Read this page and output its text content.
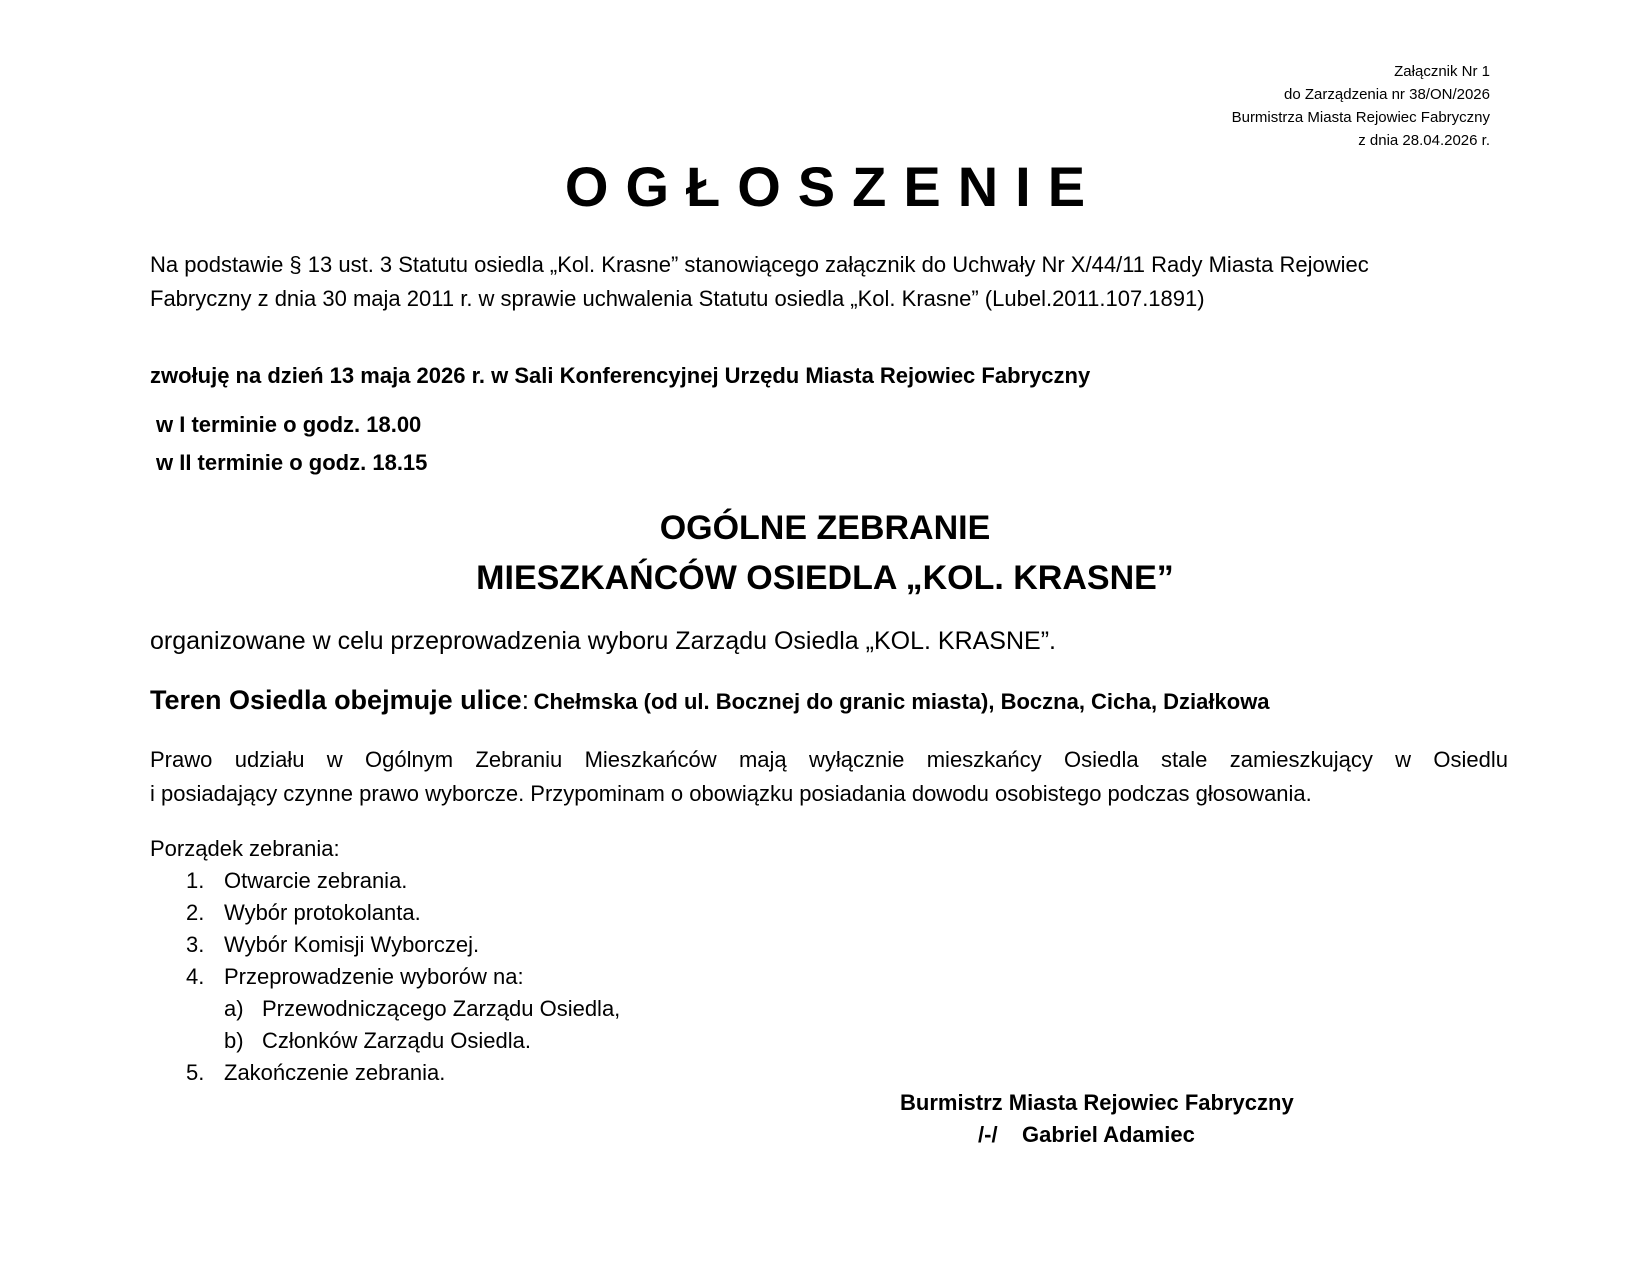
Załącznik Nr 1
do Zarządzenia nr 38/ON/2026
Burmistrza Miasta Rejowiec Fabryczny
z dnia 28.04.2026 r.
OGŁOSZENIE
Na podstawie § 13 ust. 3 Statutu osiedla „Kol. Krasne” stanowiącego załącznik do Uchwały Nr X/44/11 Rady Miasta Rejowiec
Fabryczny z dnia 30 maja 2011 r. w sprawie uchwalenia Statutu osiedla „Kol. Krasne” (Lubel.2011.107.1891)
zwołuję na dzień 13 maja 2026 r. w Sali Konferencyjnej Urzędu Miasta Rejowiec Fabryczny
w I terminie o godz. 18.00
w II terminie o godz. 18.15
OGÓLNE ZEBRANIE
MIESZKAŃCÓW OSIEDLA „KOL. KRASNE”
organizowane w celu przeprowadzenia wyboru Zarządu Osiedla „KOL. KRASNE”.
Teren Osiedla obejmuje ulice: Chełmska (od ul. Bocznej do granic miasta), Boczna, Cicha, Działkowa
Prawo udziału w Ogólnym Zebraniu Mieszkańców mają wyłącznie mieszkańcy Osiedla stale zamieszkujący w Osiedlu
i posiadający czynne prawo wyborcze. Przypominam o obowiązku posiadania dowodu osobistego podczas głosowania.
Porządek zebrania:
1. Otwarcie zebrania.
2. Wybór protokolanta.
3. Wybór Komisji Wyborczej.
4. Przeprowadzenie wyborów na:
a) Przewodniczącego Zarządu Osiedla,
b) Członków Zarządu Osiedla.
5. Zakończenie zebrania.
Burmistrz Miasta Rejowiec Fabryczny
/-/ Gabriel Adamiec
